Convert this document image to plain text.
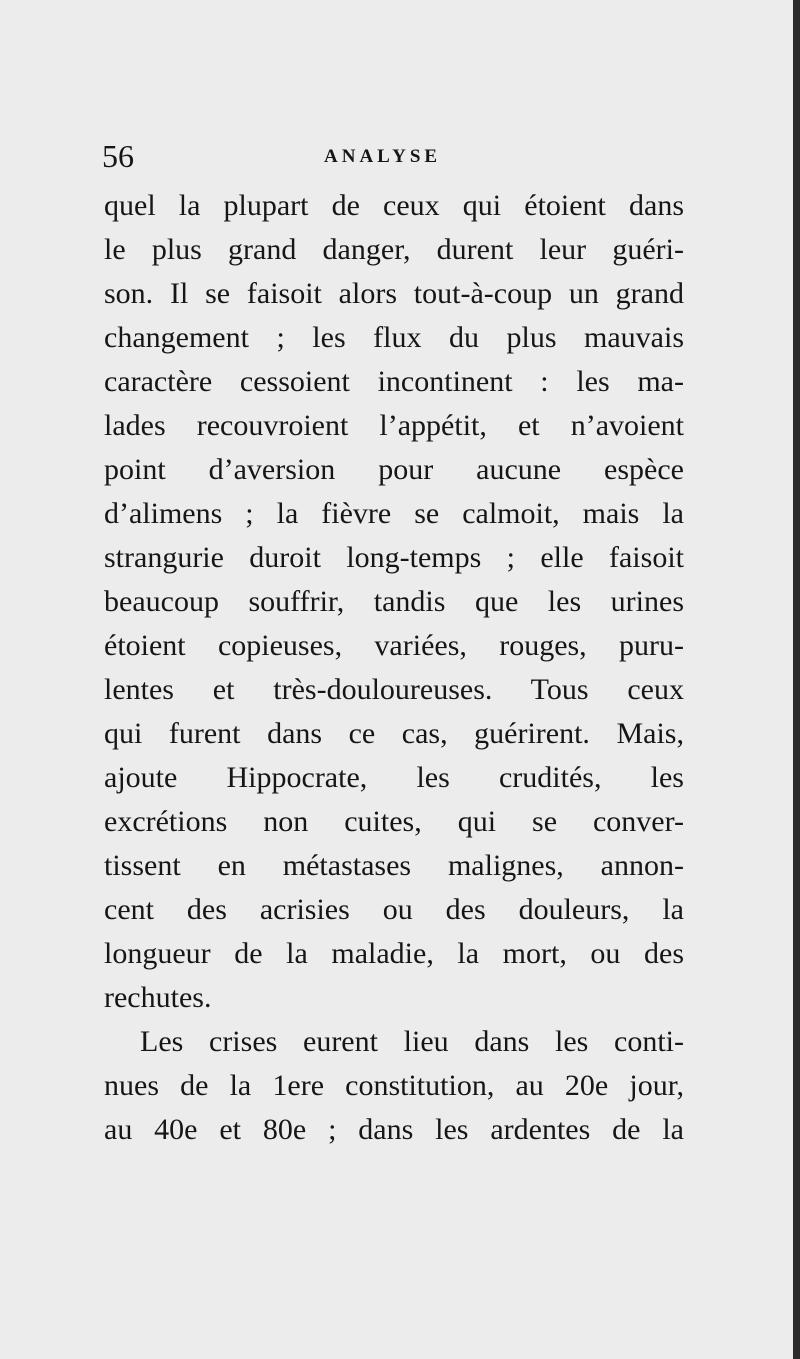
56	ANALYSE
quel la plupart de ceux qui étoient dans
le plus grand danger, durent leur guéri-
son. Il se faisoit alors tout-à-coup un grand
changement ; les flux du plus mauvais
caractère cessoient incontinent : les ma-
lades recouvroient l’appétit, et n’avoient
point d’aversion pour aucune espèce
d’alimens ; la fièvre se calmoit, mais la
strangurie duroit long-temps ; elle faisoit
beaucoup souffrir, tandis que les urines
étoient copieuses, variées, rouges, puru-
lentes et très-douloureuses. Tous ceux
qui furent dans ce cas, guérirent. Mais,
ajoute Hippocrate, les crudités, les
excrétions non cuites, qui se conver-
tissent en métastases malignes, annon-
cent des acrisies ou des douleurs, la
longueur de la maladie, la mort, ou des
rechutes.
Les crises eurent lieu dans les conti-
nues de la 1ere constitution, au 20e jour,
au 40e et 80e ; dans les ardentes de la
